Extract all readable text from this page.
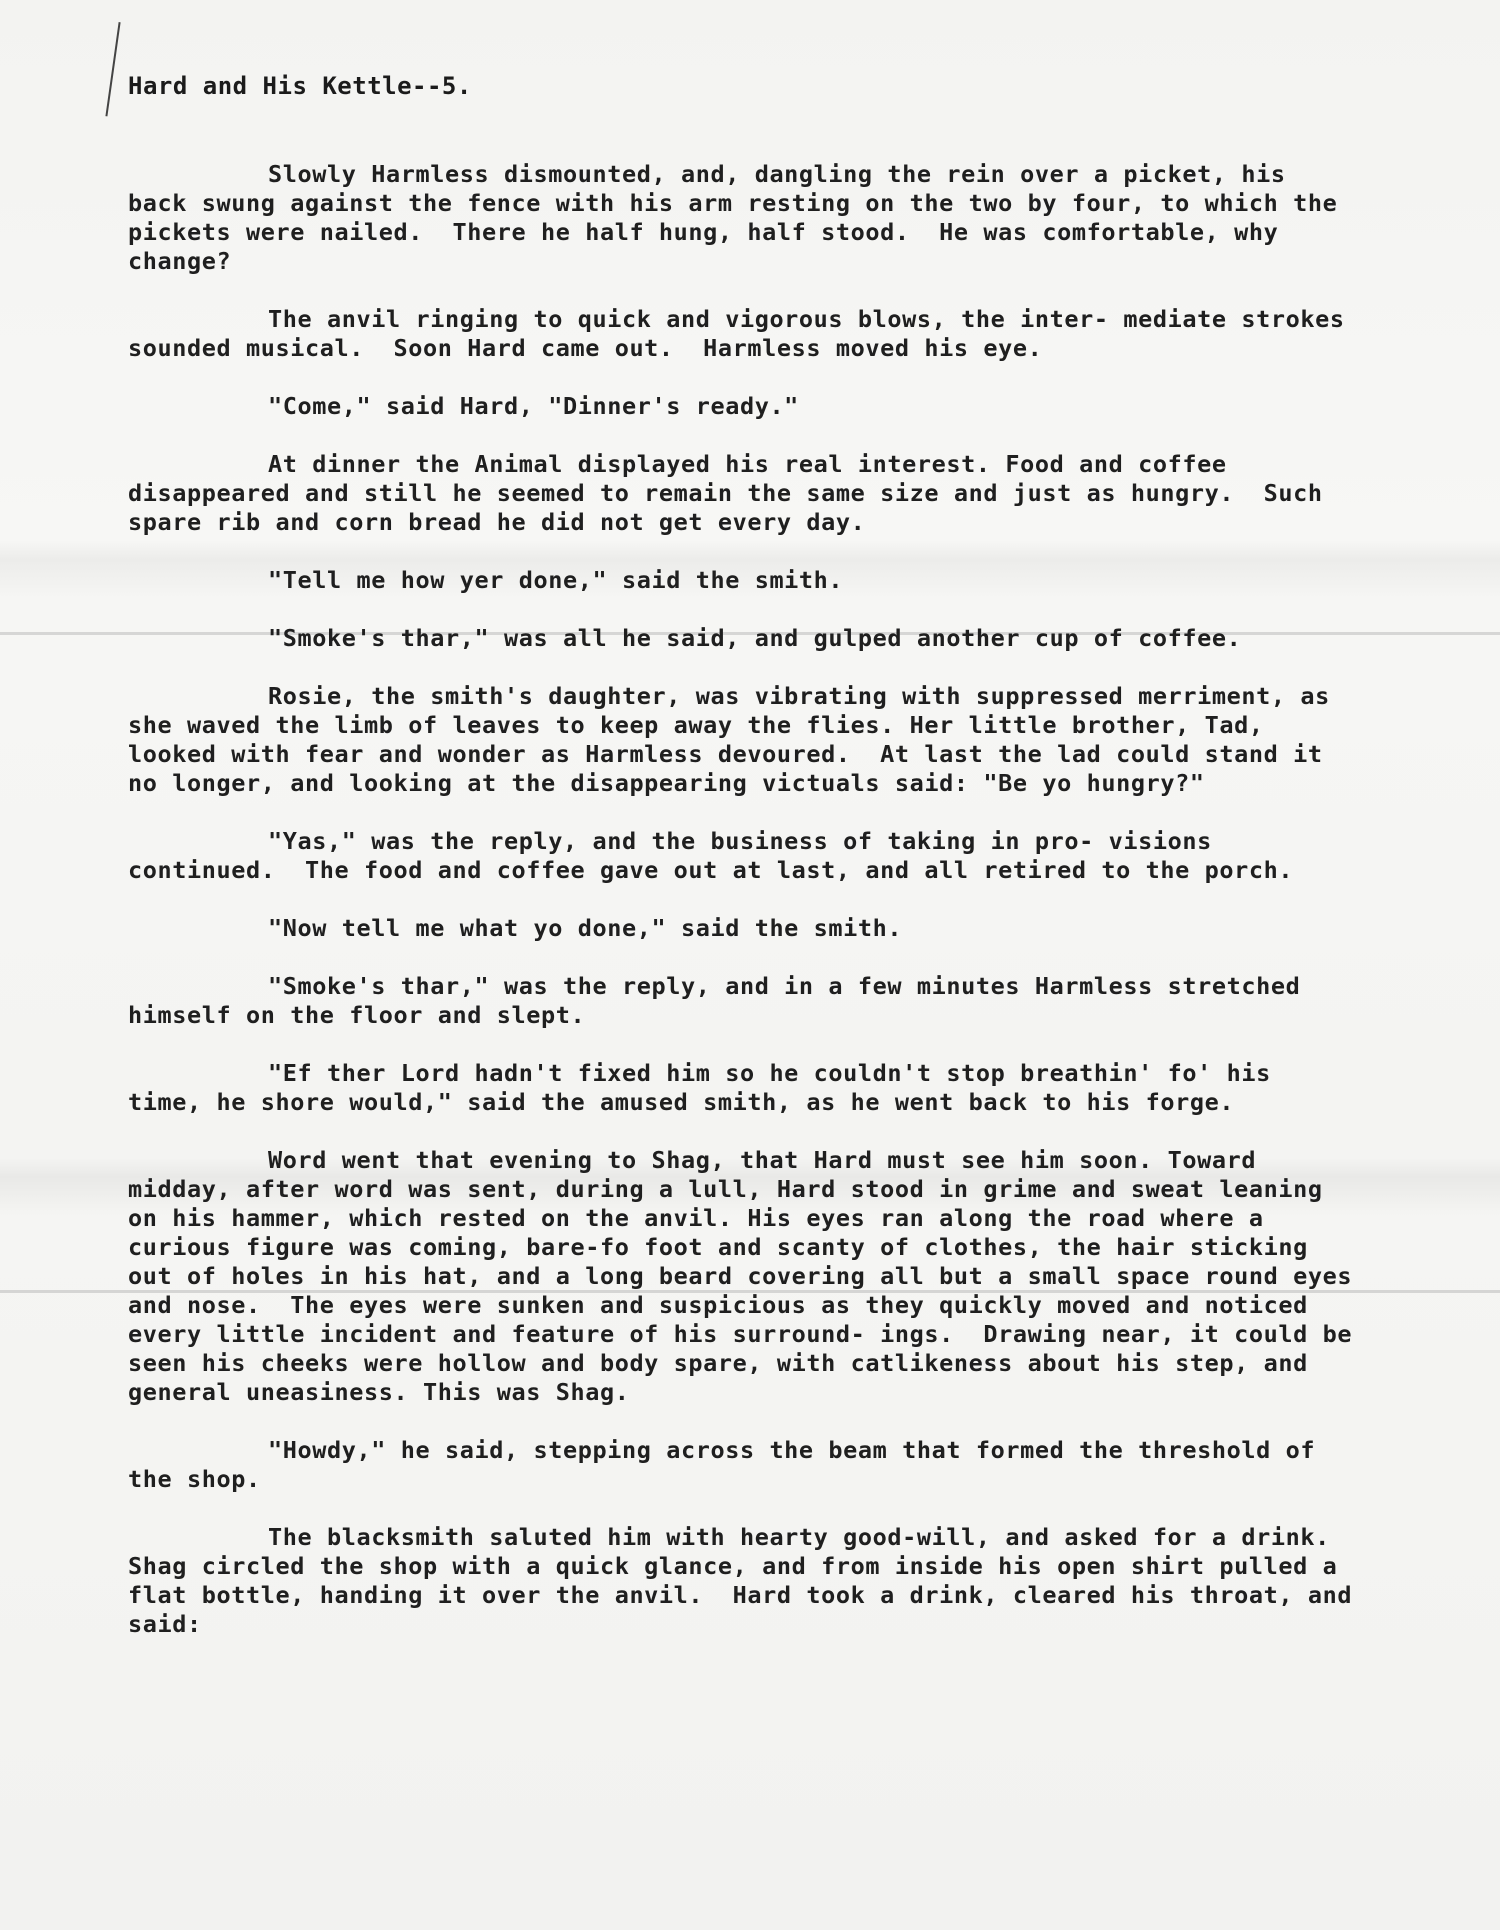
Hard and His Kettle--5.

Slowly Harmless dismounted, and, dangling the rein over a picket, his back swung against the fence with his arm resting on the two by four, to which the pickets were nailed.  There he half hung, half stood.  He was comfortable, why change?

The anvil ringing to quick and vigorous blows, the inter- mediate strokes sounded musical.  Soon Hard came out.  Harmless moved his eye.

"Come," said Hard, "Dinner's ready."

At dinner the Animal displayed his real interest. Food and coffee disappeared and still he seemed to remain the same size and just as hungry.  Such spare rib and corn bread he did not get every day.

"Tell me how yer done," said the smith.

"Smoke's thar," was all he said, and gulped another cup of coffee.

Rosie, the smith's daughter, was vibrating with suppressed merriment, as she waved the limb of leaves to keep away the flies. Her little brother, Tad, looked with fear and wonder as Harmless devoured.  At last the lad could stand it no longer, and looking at the disappearing victuals said: "Be yo hungry?"

"Yas," was the reply, and the business of taking in pro- visions continued.  The food and coffee gave out at last, and all retired to the porch.

"Now tell me what yo done," said the smith.

"Smoke's thar," was the reply, and in a few minutes Harmless stretched himself on the floor and slept.

"Ef ther Lord hadn't fixed him so he couldn't stop breathin' fo' his time, he shore would," said the amused smith, as he went back to his forge.

Word went that evening to Shag, that Hard must see him soon. Toward midday, after word was sent, during a lull, Hard stood in grime and sweat leaning on his hammer, which rested on the anvil. His eyes ran along the road where a curious figure was coming, bare-fo foot and scanty of clothes, the hair sticking out of holes in his hat, and a long beard covering all but a small space round eyes and nose.  The eyes were sunken and suspicious as they quickly moved and noticed every little incident and feature of his surround- ings.  Drawing near, it could be seen his cheeks were hollow and body spare, with catlikeness about his step, and general uneasiness. This was Shag.

"Howdy," he said, stepping across the beam that formed the threshold of the shop.

The blacksmith saluted him with hearty good-will, and asked for a drink.  Shag circled the shop with a quick glance, and from inside his open shirt pulled a flat bottle, handing it over the anvil.  Hard took a drink, cleared his throat, and said:
